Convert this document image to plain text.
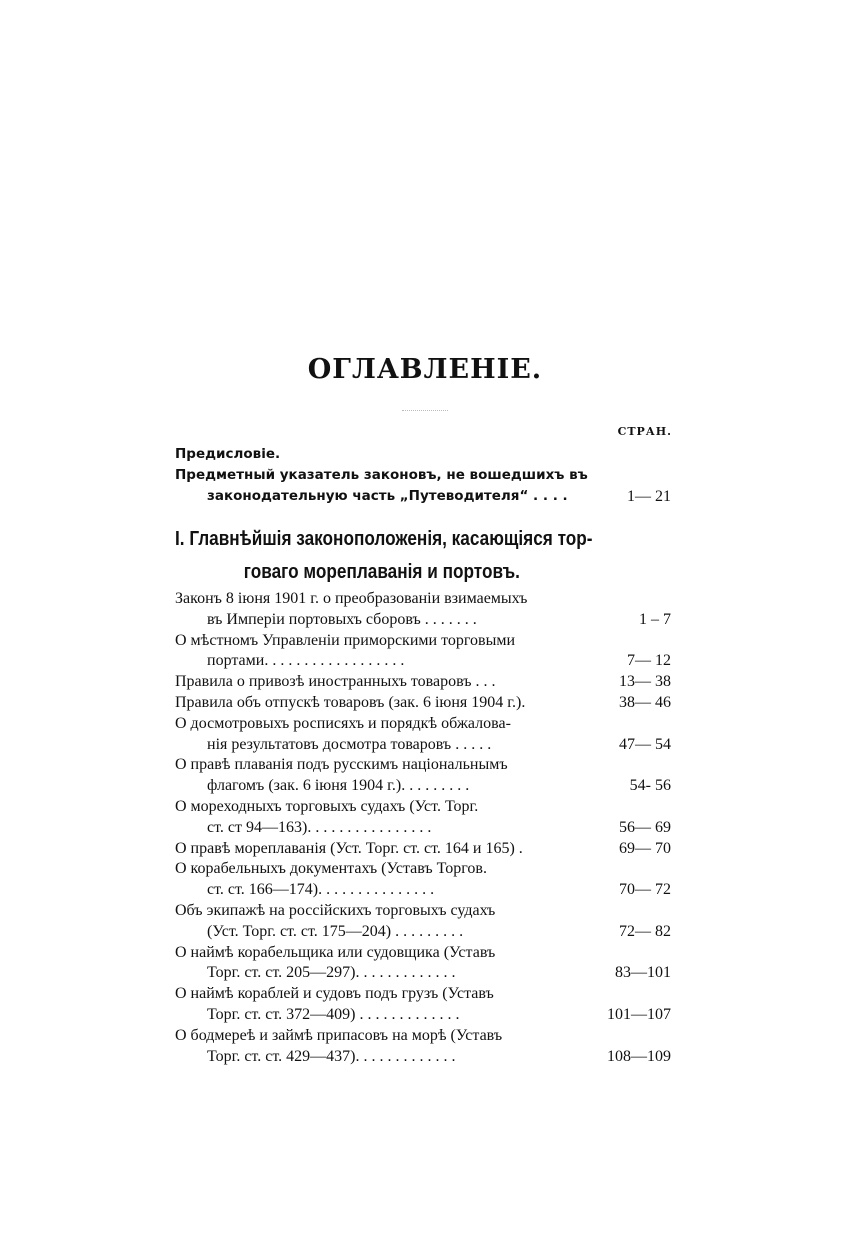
ОГЛАВЛЕНІЕ.
СТРАН.
Предисловіе.
Предметный указатель законовъ, не вошедшихъ въ
законодательную часть „Путеводителя“ . . . .	1— 21
I. Главнѣйшія законоположенія, касающіяся тор-
говаго мореплаванія и портовъ.
Законъ 8 іюня 1901 г. о преобразованіи взимаемыхъ
въ Имперіи портовыхъ сборовъ . . . . . . .	1 – 7
О мѣстномъ Управленіи приморскими торговыми
портами. . . . . . . . . . . . . . . . . .	7— 12
Правила о привозѣ иностранныхъ товаровъ . . .	13— 38
Правила объ отпускѣ товаровъ (зак. 6 іюня 1904 г.).	38— 46
О досмотровыхъ росписяхъ и порядкѣ обжалова-
нія результатовъ досмотра товаровъ . . . . .	47— 54
О правѣ плаванія подъ русскимъ національнымъ
флагомъ (зак. 6 іюня 1904 г.). . . . . . . . .	54- 56
О мореходныхъ торговыхъ судахъ (Уст. Торг.
ст. ст 94—163). . . . . . . . . . . . . . . .	56— 69
О правѣ мореплаванія (Уст. Торг. ст. ст. 164 и 165) .	69— 70
О корабельныхъ документахъ (Уставъ Торгов.
ст. ст. 166—174). . . . . . . . . . . . . . .	70— 72
Объ экипажѣ на россійскихъ торговыхъ судахъ
(Уст. Торг. ст. ст. 175—204) . . . . . . . . .	72— 82
О наймѣ корабельщика или судовщика (Уставъ
Торг. ст. ст. 205—297). . . . . . . . . . . . .	83—101
О наймѣ кораблей и судовъ подъ грузъ (Уставъ
Торг. ст. ст. 372—409) . . . . . . . . . . . . .	101—107
О бодмереѣ и займѣ припасовъ на морѣ (Уставъ
Торг. ст. ст. 429—437). . . . . . . . . . . . .	108—109
